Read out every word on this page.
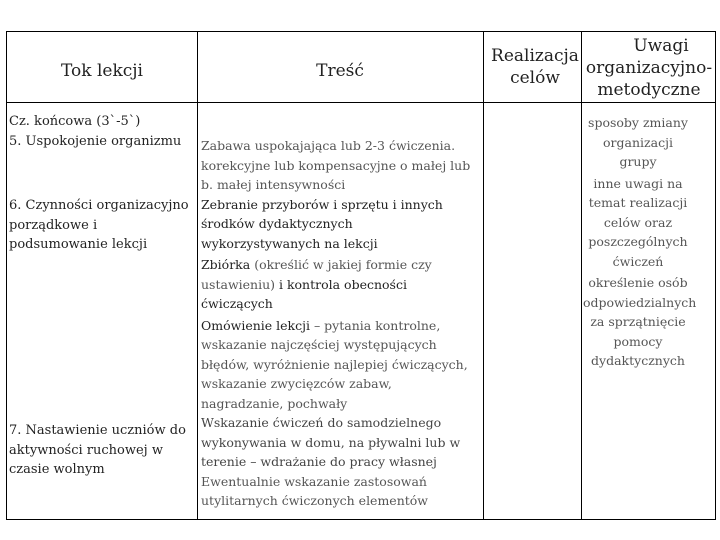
Tok lekcji	Treść

Realizacja

celów

Uwagi

organizacyjno-

metodyczne

Cz. końcowa (3`-5`)
5. Uspokojenie organizmu

6. Czynności organizacyjno

porządkowe i

podsumowanie lekcji

7. Nastawienie uczniów do

aktywności ruchowej w

czasie wolnym

Zabawa uspokajająca lub 2-3 ćwiczenia.

korekcyjne lub kompensacyjne o małej lub

b. małej intensywności

Zebranie przyborów i sprzętu i innych

środków dydaktycznych

wykorzystywanych na lekcji

Zbiórka (określić w jakiej formie czy

ustawieniu) i kontrola obecności

ćwiczących

Omówienie lekcji – pytania kontrolne,

wskazanie najczęściej występujących

błędów, wyróżnienie najlepiej ćwiczących,

wskazanie zwycięzców zabaw,

nagradzanie, pochwały

Wskazanie ćwiczeń do samodzielnego

wykonywania w domu, na pływalni lub w

terenie – wdrażanie do pracy własnej

Ewentualnie wskazanie zastosowań

utylitarnych ćwiczonych elementów

sposoby zmiany

organizacji grupy

inne uwagi na

temat realizacji

celów oraz

poszczególnych

ćwiczeń

określenie osób

odpowiedzialnych

za sprzątnięcie

pomocy

dydaktycznych
